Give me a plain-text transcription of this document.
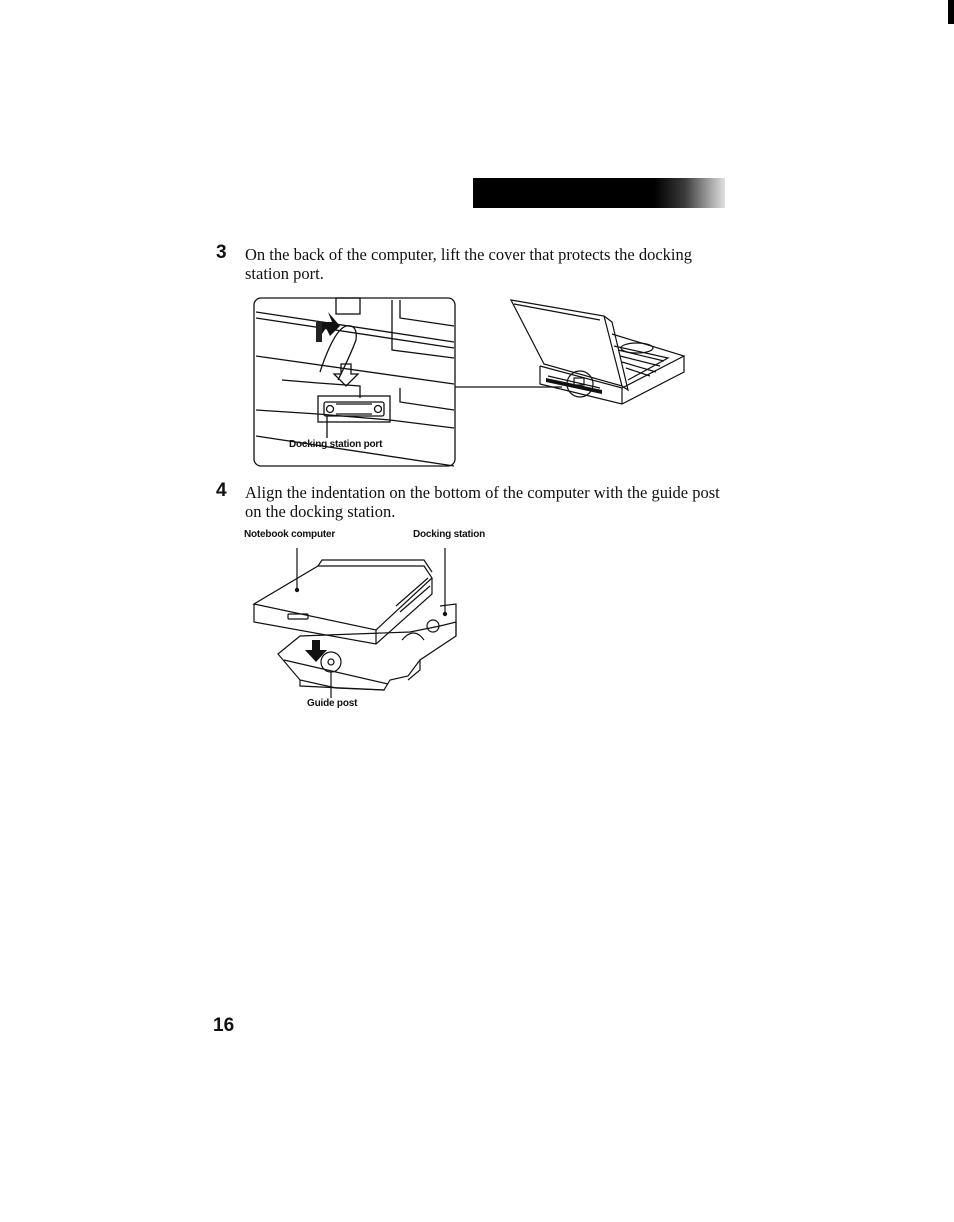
3 On the back of the computer, lift the cover that protects the docking station port.
Docking station port
4 Align the indentation on the bottom of the computer with the guide post on the docking station.
Notebook computer	Docking station
Guide post
16
